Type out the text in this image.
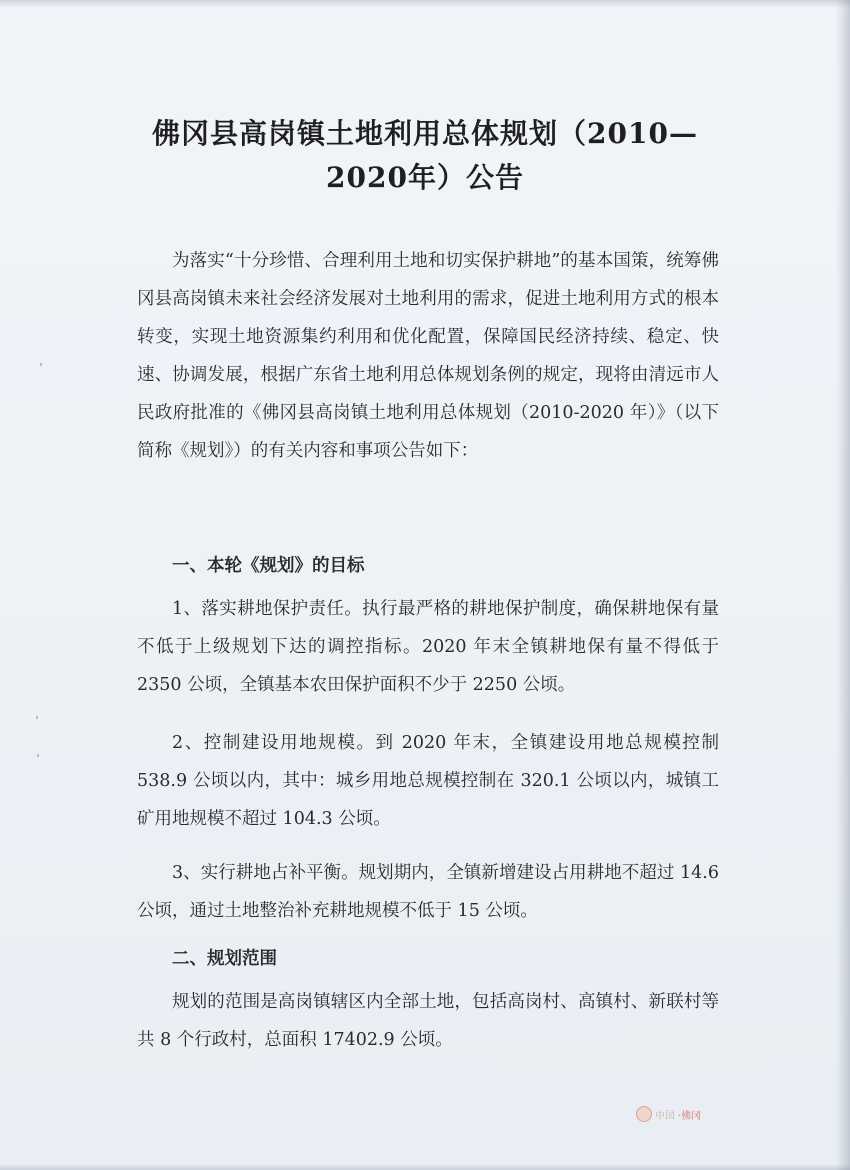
佛冈县高岗镇土地利用总体规划（2010—
2020年）公告

为落实“十分珍惜、合理利用土地和切实保护耕地”的基本国策，统筹佛冈县高岗镇未来社会经济发展对土地利用的需求，促进土地利用方式的根本转变，实现土地资源集约利用和优化配置，保障国民经济持续、稳定、快速、协调发展，根据广东省土地利用总体规划条例的规定，现将由清远市人民政府批准的《佛冈县高岗镇土地利用总体规划（2010-2020 年）》（以下简称《规划》）的有关内容和事项公告如下：

一、本轮《规划》的目标

1、落实耕地保护责任。执行最严格的耕地保护制度，确保耕地保有量不低于上级规划下达的调控指标。2020 年末全镇耕地保有量不得低于 2350 公顷，全镇基本农田保护面积不少于 2250 公顷。

2、控制建设用地规模。到 2020 年末，全镇建设用地总规模控制 538.9 公顷以内，其中：城乡用地总规模控制在 320.1 公顷以内，城镇工矿用地规模不超过 104.3 公顷。

3、实行耕地占补平衡。规划期内，全镇新增建设占用耕地不超过 14.6 公顷，通过土地整治补充耕地规模不低于 15 公顷。

二、规划范围

规划的范围是高岗镇辖区内全部土地，包括高岗村、高镇村、新联村等共 8 个行政村，总面积 17402.9 公顷。

中国 ·佛冈
